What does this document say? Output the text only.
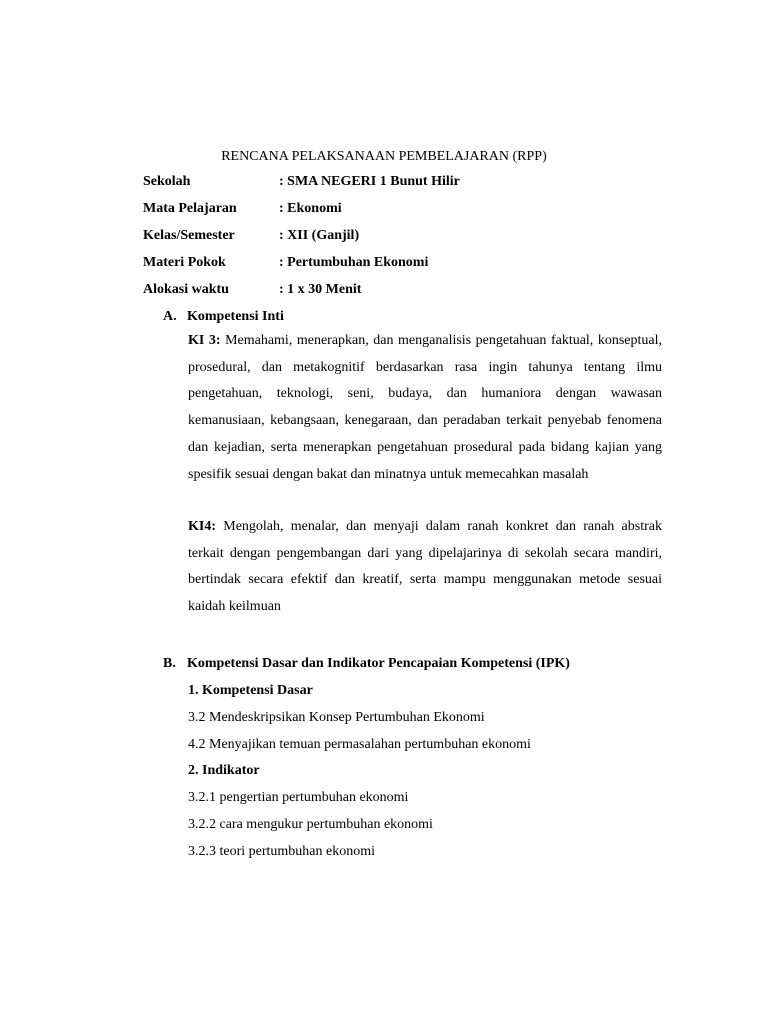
RENCANA PELAKSANAAN PEMBELAJARAN (RPP)
Sekolah	: SMA NEGERI 1 Bunut Hilir
Mata Pelajaran	: Ekonomi
Kelas/Semester	: XII (Ganjil)
Materi Pokok	: Pertumbuhan Ekonomi
Alokasi waktu	: 1 x 30 Menit
A. Kompetensi Inti
KI 3: Memahami, menerapkan, dan menganalisis pengetahuan faktual, konseptual, prosedural, dan metakognitif berdasarkan rasa ingin tahunya tentang ilmu pengetahuan, teknologi, seni, budaya, dan humaniora dengan wawasan kemanusiaan, kebangsaan, kenegaraan, dan peradaban terkait penyebab fenomena dan kejadian, serta menerapkan pengetahuan prosedural pada bidang kajian yang spesifik sesuai dengan bakat dan minatnya untuk memecahkan masalah
KI4: Mengolah, menalar, dan menyaji dalam ranah konkret dan ranah abstrak terkait dengan pengembangan dari yang dipelajarinya di sekolah secara mandiri, bertindak secara efektif dan kreatif, serta mampu menggunakan metode sesuai kaidah keilmuan
B. Kompetensi Dasar dan Indikator Pencapaian Kompetensi (IPK)
1. Kompetensi Dasar
3.2 Mendeskripsikan Konsep Pertumbuhan Ekonomi
4.2 Menyajikan temuan permasalahan pertumbuhan ekonomi
2. Indikator
3.2.1 pengertian pertumbuhan ekonomi
3.2.2 cara mengukur pertumbuhan ekonomi
3.2.3 teori pertumbuhan ekonomi
